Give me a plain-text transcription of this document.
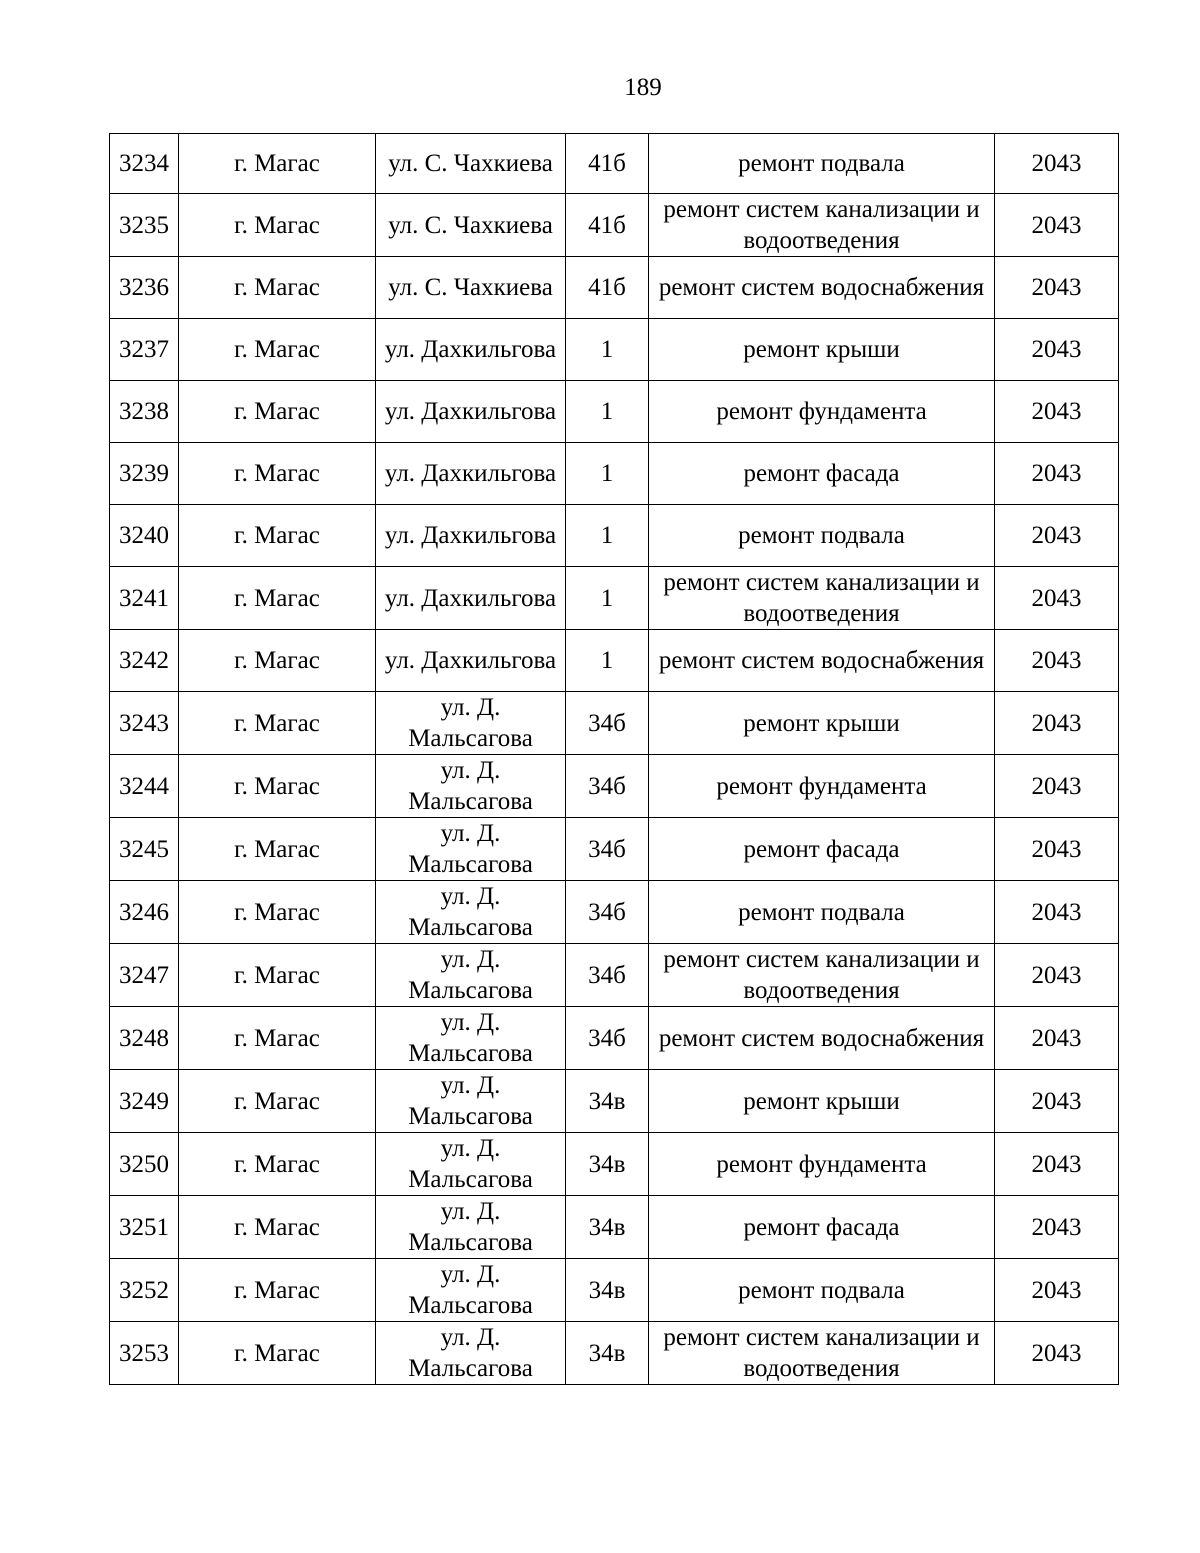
189
3234	г. Магас	ул. С. Чахкиева	41б	ремонт подвала	2043
3235	г. Магас	ул. С. Чахкиева	41б	ремонт систем канализации и водоотведения	2043
3236	г. Магас	ул. С. Чахкиева	41б	ремонт систем водоснабжения	2043
3237	г. Магас	ул. Дахкильгова	1	ремонт крыши	2043
3238	г. Магас	ул. Дахкильгова	1	ремонт фундамента	2043
3239	г. Магас	ул. Дахкильгова	1	ремонт фасада	2043
3240	г. Магас	ул. Дахкильгова	1	ремонт подвала	2043
3241	г. Магас	ул. Дахкильгова	1	ремонт систем канализации и водоотведения	2043
3242	г. Магас	ул. Дахкильгова	1	ремонт систем водоснабжения	2043
3243	г. Магас	ул. Д. Мальсагова	34б	ремонт крыши	2043
3244	г. Магас	ул. Д. Мальсагова	34б	ремонт фундамента	2043
3245	г. Магас	ул. Д. Мальсагова	34б	ремонт фасада	2043
3246	г. Магас	ул. Д. Мальсагова	34б	ремонт подвала	2043
3247	г. Магас	ул. Д. Мальсагова	34б	ремонт систем канализации и водоотведения	2043
3248	г. Магас	ул. Д. Мальсагова	34б	ремонт систем водоснабжения	2043
3249	г. Магас	ул. Д. Мальсагова	34в	ремонт крыши	2043
3250	г. Магас	ул. Д. Мальсагова	34в	ремонт фундамента	2043
3251	г. Магас	ул. Д. Мальсагова	34в	ремонт фасада	2043
3252	г. Магас	ул. Д. Мальсагова	34в	ремонт подвала	2043
3253	г. Магас	ул. Д. Мальсагова	34в	ремонт систем канализации и водоотведения	2043
